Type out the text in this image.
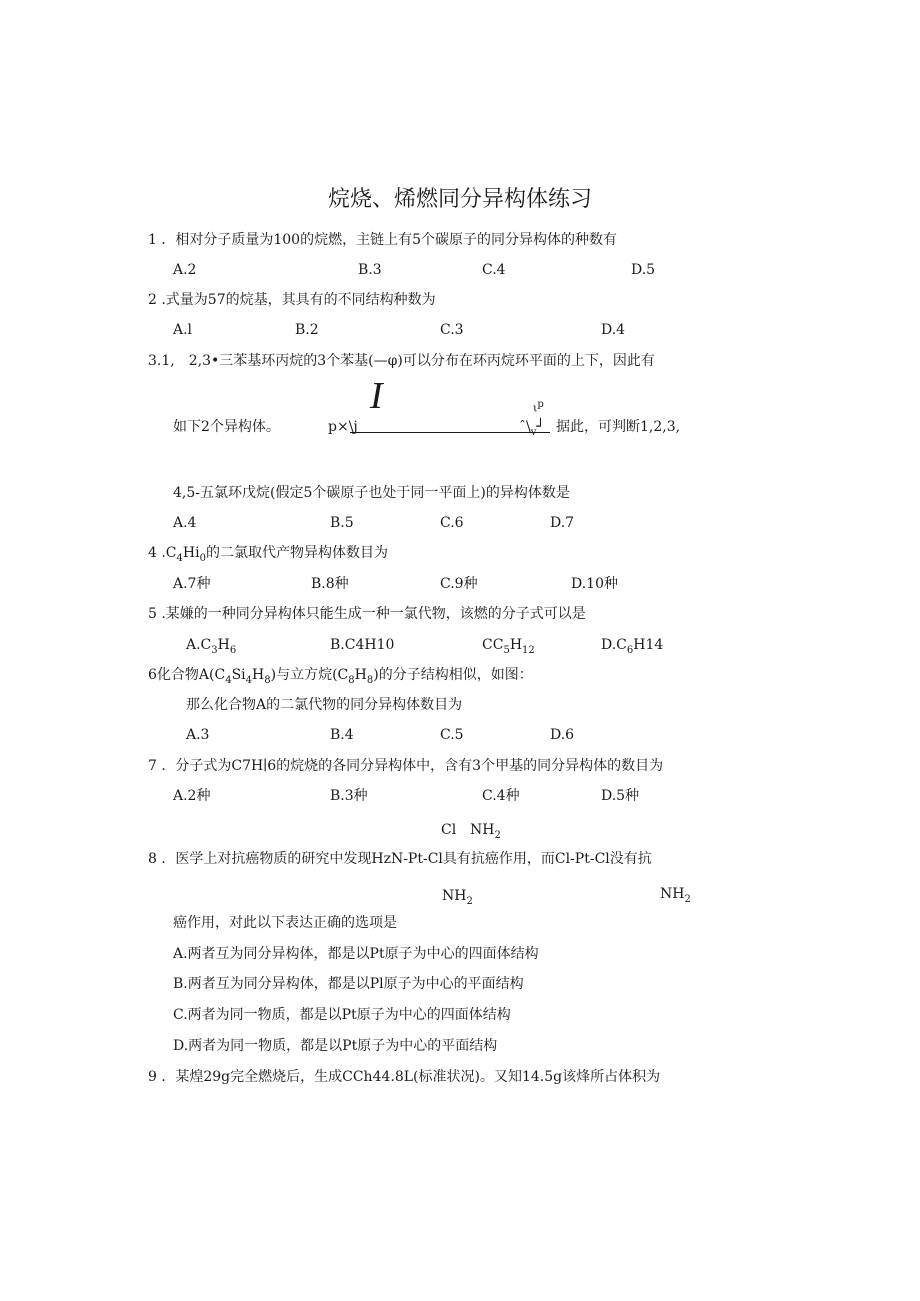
烷烧、烯燃同分异构体练习
1 ．相对分子质量为100的烷燃，主链上有5个碳原子的同分异构体的种数有
A.2	B.3	C.4	D.5
2 .式量为57的烷基，其具有的不同结构种数为
A.l	B.2	C.3	D.4
3.1,　2,3•三苯基环丙烷的3个苯基(—φ)可以分布在环丙烷环平面的上下，因此有
I	$\iota^p$
如下2个异构体。	p×\j	$ˆ\backslash_v┘$ 据此，可判断1,2,3,
4,5-五氯环戊烷(假定5个碳原子也处于同一平面上)的异构体数是
A.4	B.5	C.6	D.7
4 $.C_4Hi_0$的二氯取代产物异构体数目为
A.7种	B.8种	C.9种	D.10种
5 .某嫌的一种同分异构体只能生成一种一氯代物，该燃的分子式可以是
$A.C_3H_6$	B.C4H10	$CC_5H_{12}$	$D.C_6H14$
6化合物$A(C_4Si_4H_8)$与立方烷$(C_8H_8)$的分子结构相似，如图：
那么化合物A的二氯代物的同分异构体数目为
A.3	B.4	C.5	D.6
7 ．分子式为C7H∣6的烷烧的各同分异构体中，含有3个甲基的同分异构体的数目为
A.2种	B.3种	C.4种	D.5种
Cl $NH_2$
8 ．医学上对抗癌物质的研究中发现HzN-Pt-Cl具有抗癌作用，而Cl-Pt-Cl没有抗
$NH_2$	$NH_2$
癌作用，对此以下表达正确的选项是
A.两者互为同分异构体，都是以Pt原子为中心的四面体结构
B.两者互为同分异构体，都是以Pl原子为中心的平面结构
C.两者为同一物质，都是以Pt原子为中心的四面体结构
D.两者为同一物质，都是以Pt原子为中心的平面结构
9 ．某煌29g完全燃烧后，生成CCh44.8L(标准状况)。又知14.5g该烽所占体积为
